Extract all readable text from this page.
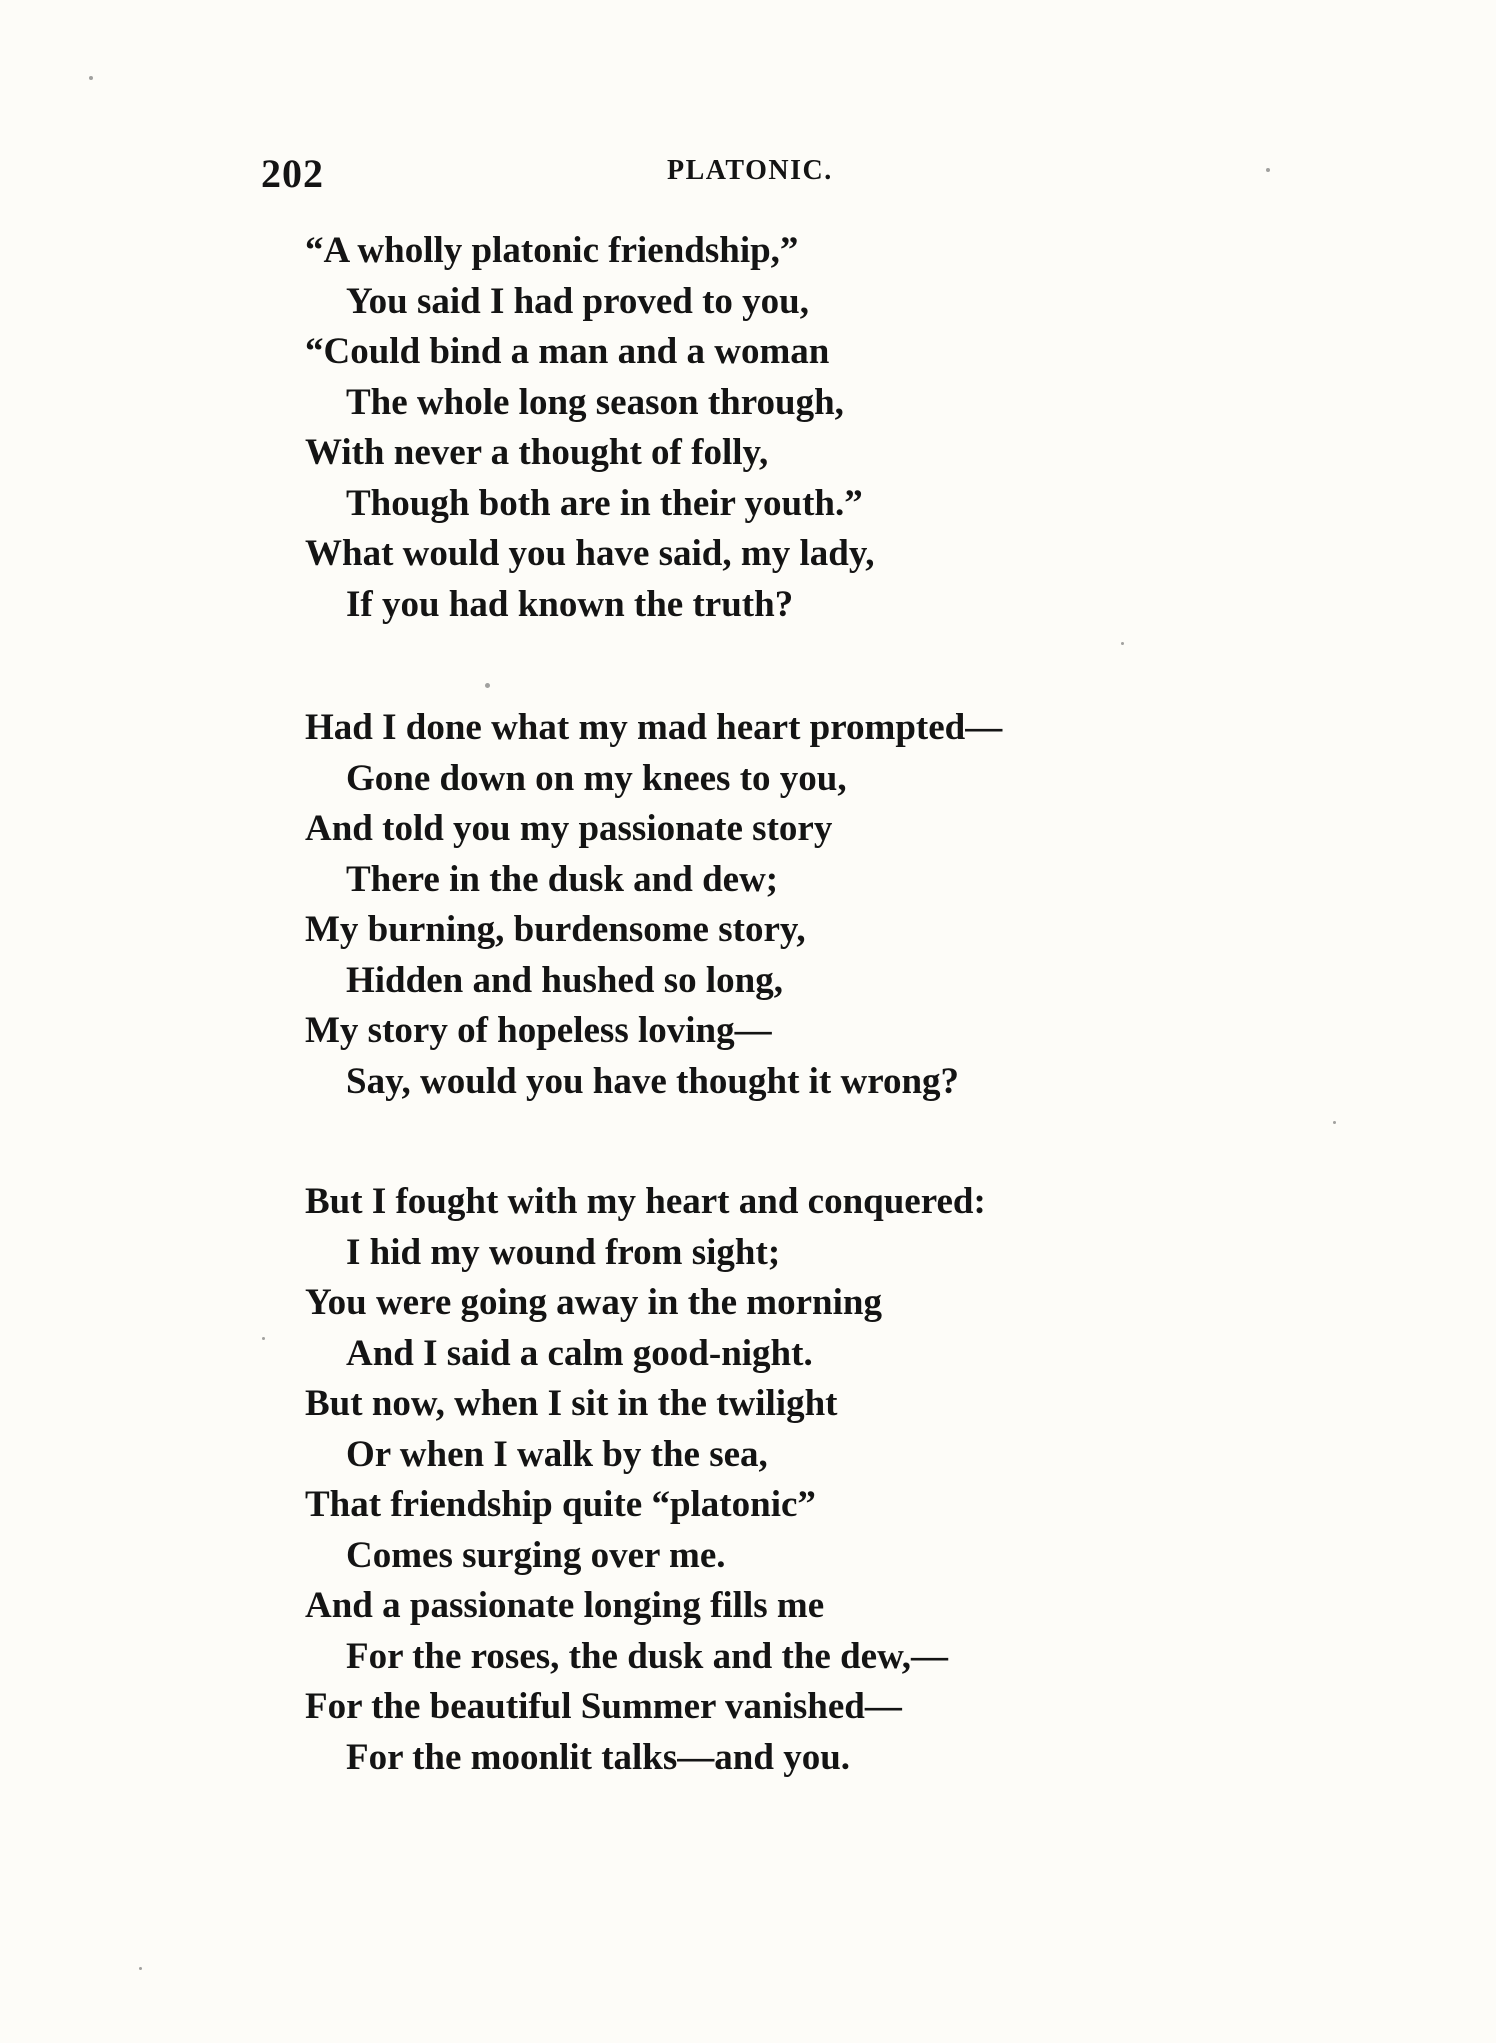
202	PLATONIC.
“A wholly platonic friendship,”
You said I had proved to you,
“Could bind a man and a woman
The whole long season through,
With never a thought of folly,
Though both are in their youth.”
What would you have said, my lady,
If you had known the truth?
Had I done what my mad heart prompted—
Gone down on my knees to you,
And told you my passionate story
There in the dusk and dew;
My burning, burdensome story,
Hidden and hushed so long,
My story of hopeless loving—
Say, would you have thought it wrong?
But I fought with my heart and conquered:
I hid my wound from sight;
You were going away in the morning
And I said a calm good-night.
But now, when I sit in the twilight
Or when I walk by the sea,
That friendship quite “platonic”
Comes surging over me.
And a passionate longing fills me
For the roses, the dusk and the dew,—
For the beautiful Summer vanished—
For the moonlit talks—and you.
